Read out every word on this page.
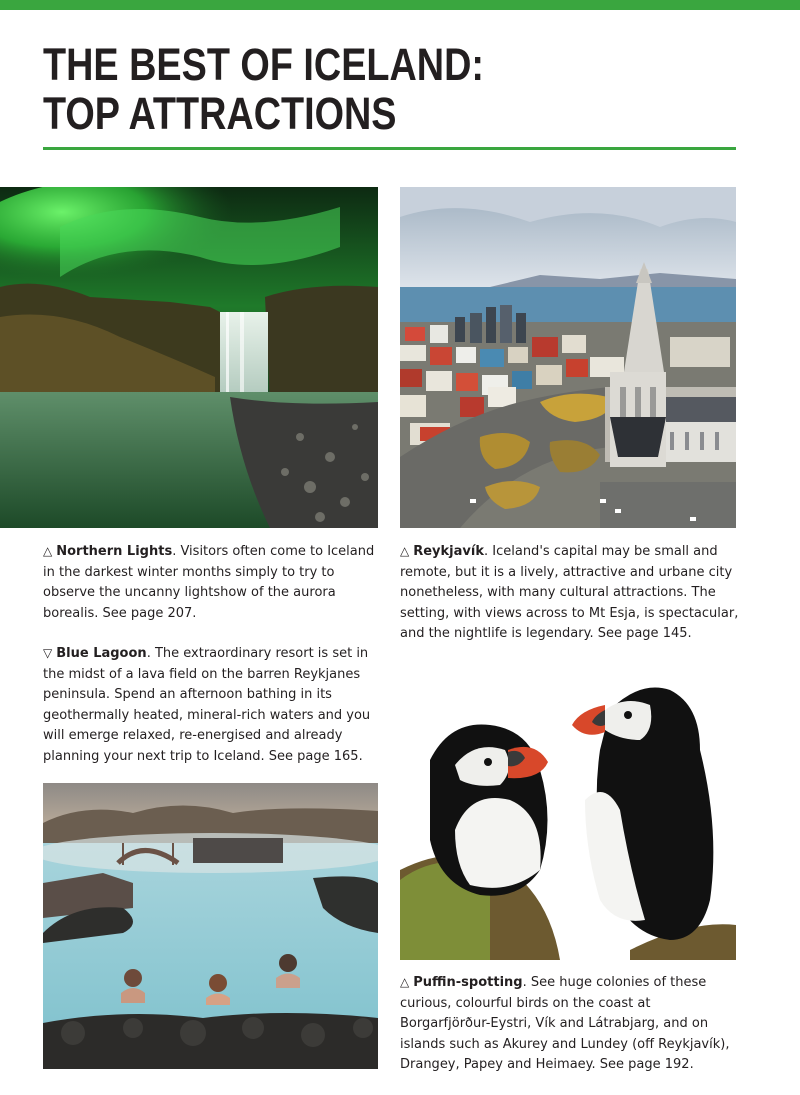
THE BEST OF ICELAND:
TOP ATTRACTIONS

△ Northern Lights. Visitors often come to Iceland in the darkest winter months simply to try to observe the uncanny lightshow of the aurora borealis. See page 207.

▽ Blue Lagoon. The extraordinary resort is set in the midst of a lava field on the barren Reykjanes peninsula. Spend an afternoon bathing in its geothermally heated, mineral-rich waters and you will emerge relaxed, re-energised and already planning your next trip to Iceland. See page 165.

△ Reykjavík. Iceland's capital may be small and remote, but it is a lively, attractive and urbane city nonetheless, with many cultural attractions. The setting, with views across to Mt Esja, is spectacular, and the nightlife is legendary. See page 145.

△ Puffin-spotting. See huge colonies of these curious, colourful birds on the coast at Borgarfjörður-Eystri, Vík and Látrabjarg, and on islands such as Akurey and Lundey (off Reykjavík), Drangey, Papey and Heimaey. See page 192.
